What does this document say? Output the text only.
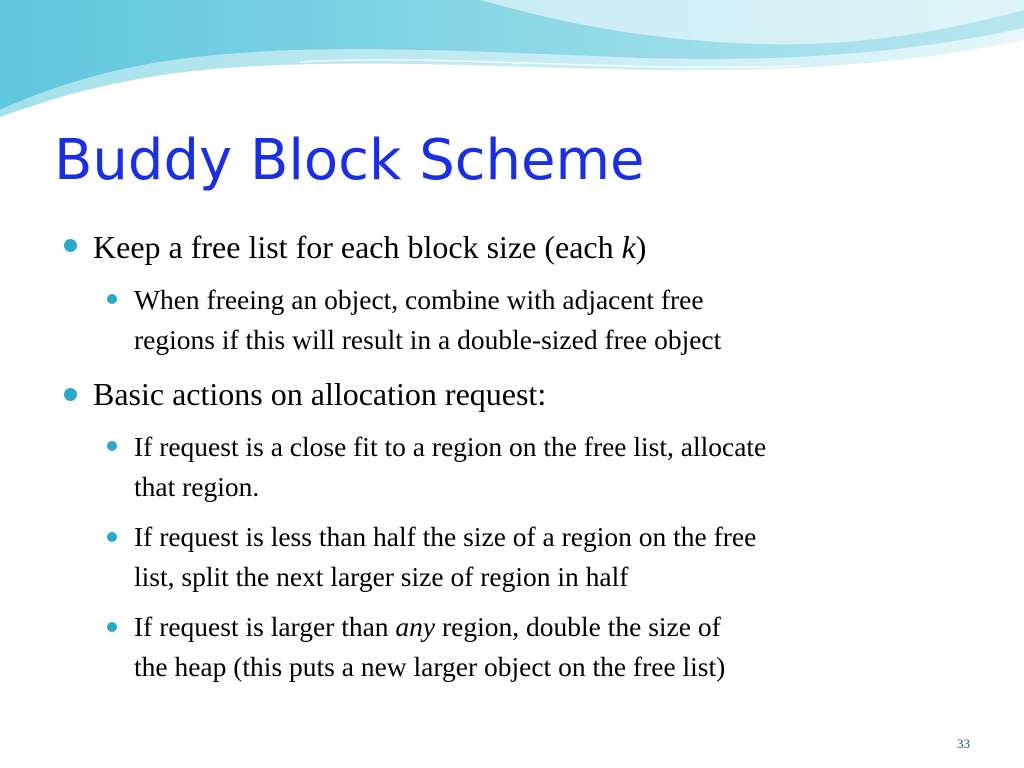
Buddy Block Scheme
Keep a free list for each block size (each k)
When freeing an object, combine with adjacent free
regions if this will result in a double-sized free object
Basic actions on allocation request:
If request is a close fit to a region on the free list, allocate
that region.
If request is less than half the size of a region on the free
list, split the next larger size of region in half
If request is larger than any region, double the size of
the heap (this puts a new larger object on the free list)
33
